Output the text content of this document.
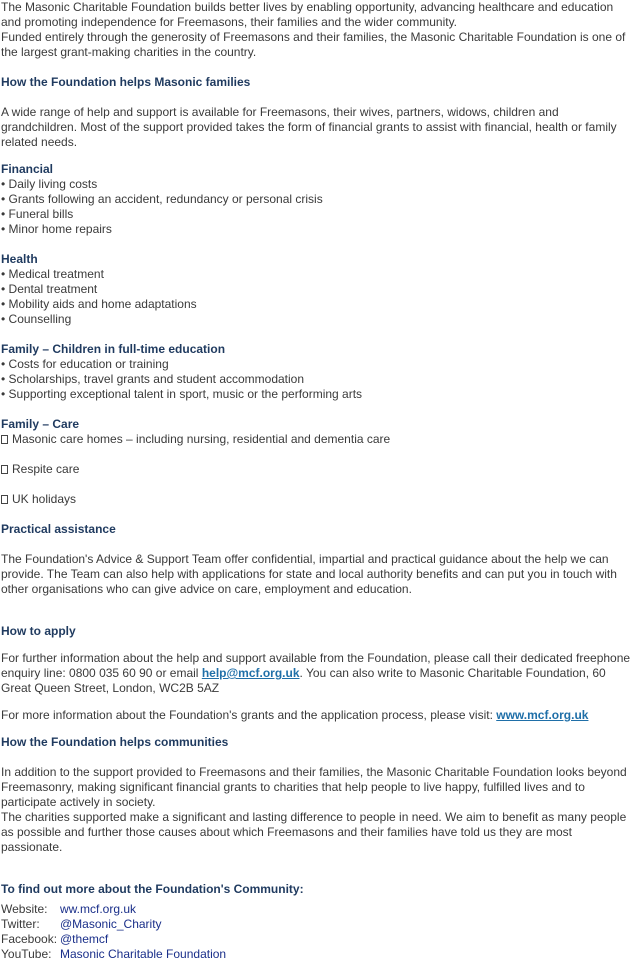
The Masonic Charitable Foundation builds better lives by enabling opportunity, advancing healthcare and education and promoting independence for Freemasons, their families and the wider community.

Funded entirely through the generosity of Freemasons and their families, the Masonic Charitable Foundation is one of the largest grant-making charities in the country.

How the Foundation helps Masonic families

A wide range of help and support is available for Freemasons, their wives, partners, widows, children and grandchildren. Most of the support provided takes the form of financial grants to assist with financial, health or family related needs.

Financial
• Daily living costs
• Grants following an accident, redundancy or personal crisis
• Funeral bills
• Minor home repairs
Health
• Medical treatment
• Dental treatment
• Mobility aids and home adaptations
• Counselling
Family – Children in full-time education
• Costs for education or training
• Scholarships, travel grants and student accommodation
• Supporting exceptional talent in sport, music or the performing arts
Family – Care
Masonic care homes – including nursing, residential and dementia care
Respite care
UK holidays

Practical assistance

The Foundation's Advice & Support Team offer confidential, impartial and practical guidance about the help we can provide. The Team can also help with applications for state and local authority benefits and can put you in touch with other organisations who can give advice on care, employment and education.

How to apply

For further information about the help and support available from the Foundation, please call their dedicated freephone enquiry line: 0800 035 60 90 or email help@mcf.org.uk. You can also write to Masonic Charitable Foundation, 60 Great Queen Street, London, WC2B 5AZ

For more information about the Foundation's grants and the application process, please visit: www.mcf.org.uk

How the Foundation helps communities

In addition to the support provided to Freemasons and their families, the Masonic Charitable Foundation looks beyond Freemasonry, making significant financial grants to charities that help people to live happy, fulfilled lives and to participate actively in society.

The charities supported make a significant and lasting difference to people in need. We aim to benefit as many people as possible and further those causes about which Freemasons and their families have told us they are most passionate.

To find out more about the Foundation's Community:

Website:	ww.mcf.org.uk
Twitter:	@Masonic_Charity
Facebook: @themcf
YouTube: Masonic Charitable Foundation
